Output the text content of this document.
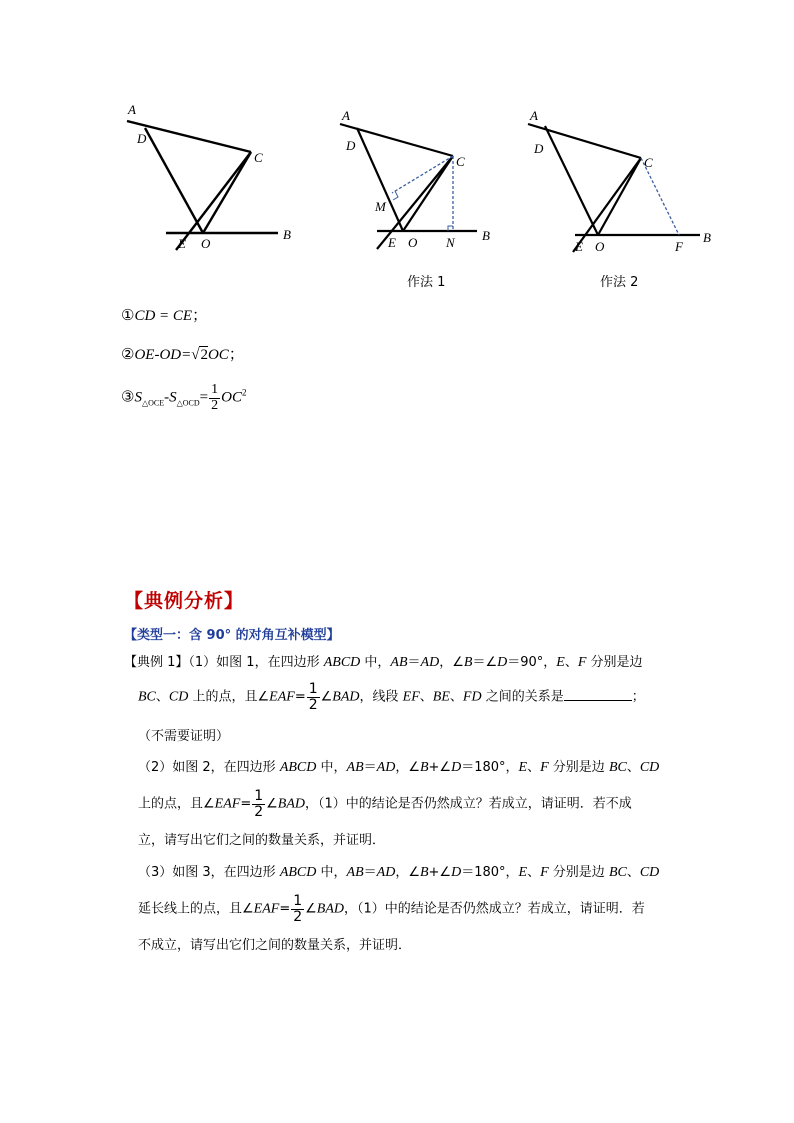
A
D
C
E O
B
A
D
C
M
E O N B
作法 1
A
D
C
E O	F
B
作法 2
①CD = CE；
②OE-OD=√2OC；
$③S_{\triangle OCE}-S_{\triangle OCD}= \frac{1}{2} OC^2$
【典例分析】
【类型一：含 90° 的对角互补模型】
【典例 1】（1）如图 1，在四边形 ABCD 中，AB＝AD，∠B＝∠D＝90°，E、F 分别是边
BC、CD 上的点，且∠EAF= $\frac{1}{2}$ ∠BAD，线段 EF、BE、FD 之间的关系是	；
（不需要证明）
（2）如图 2，在四边形 ABCD 中，AB＝AD，∠B+∠D＝180°，E、F 分别是边 BC、CD
上的点，且∠EAF= $\frac{1}{2}$ ∠BAD，（1）中的结论是否仍然成立？若成立，请证明．若不成
立，请写出它们之间的数量关系，并证明．
（3）如图 3，在四边形 ABCD 中，AB＝AD，∠B+∠D＝180°，E、F 分别是边 BC、CD
延长线上的点，且∠EAF= $\frac{1}{2}$ ∠BAD，（1）中的结论是否仍然成立？若成立，请证明．若
不成立，请写出它们之间的数量关系，并证明．
